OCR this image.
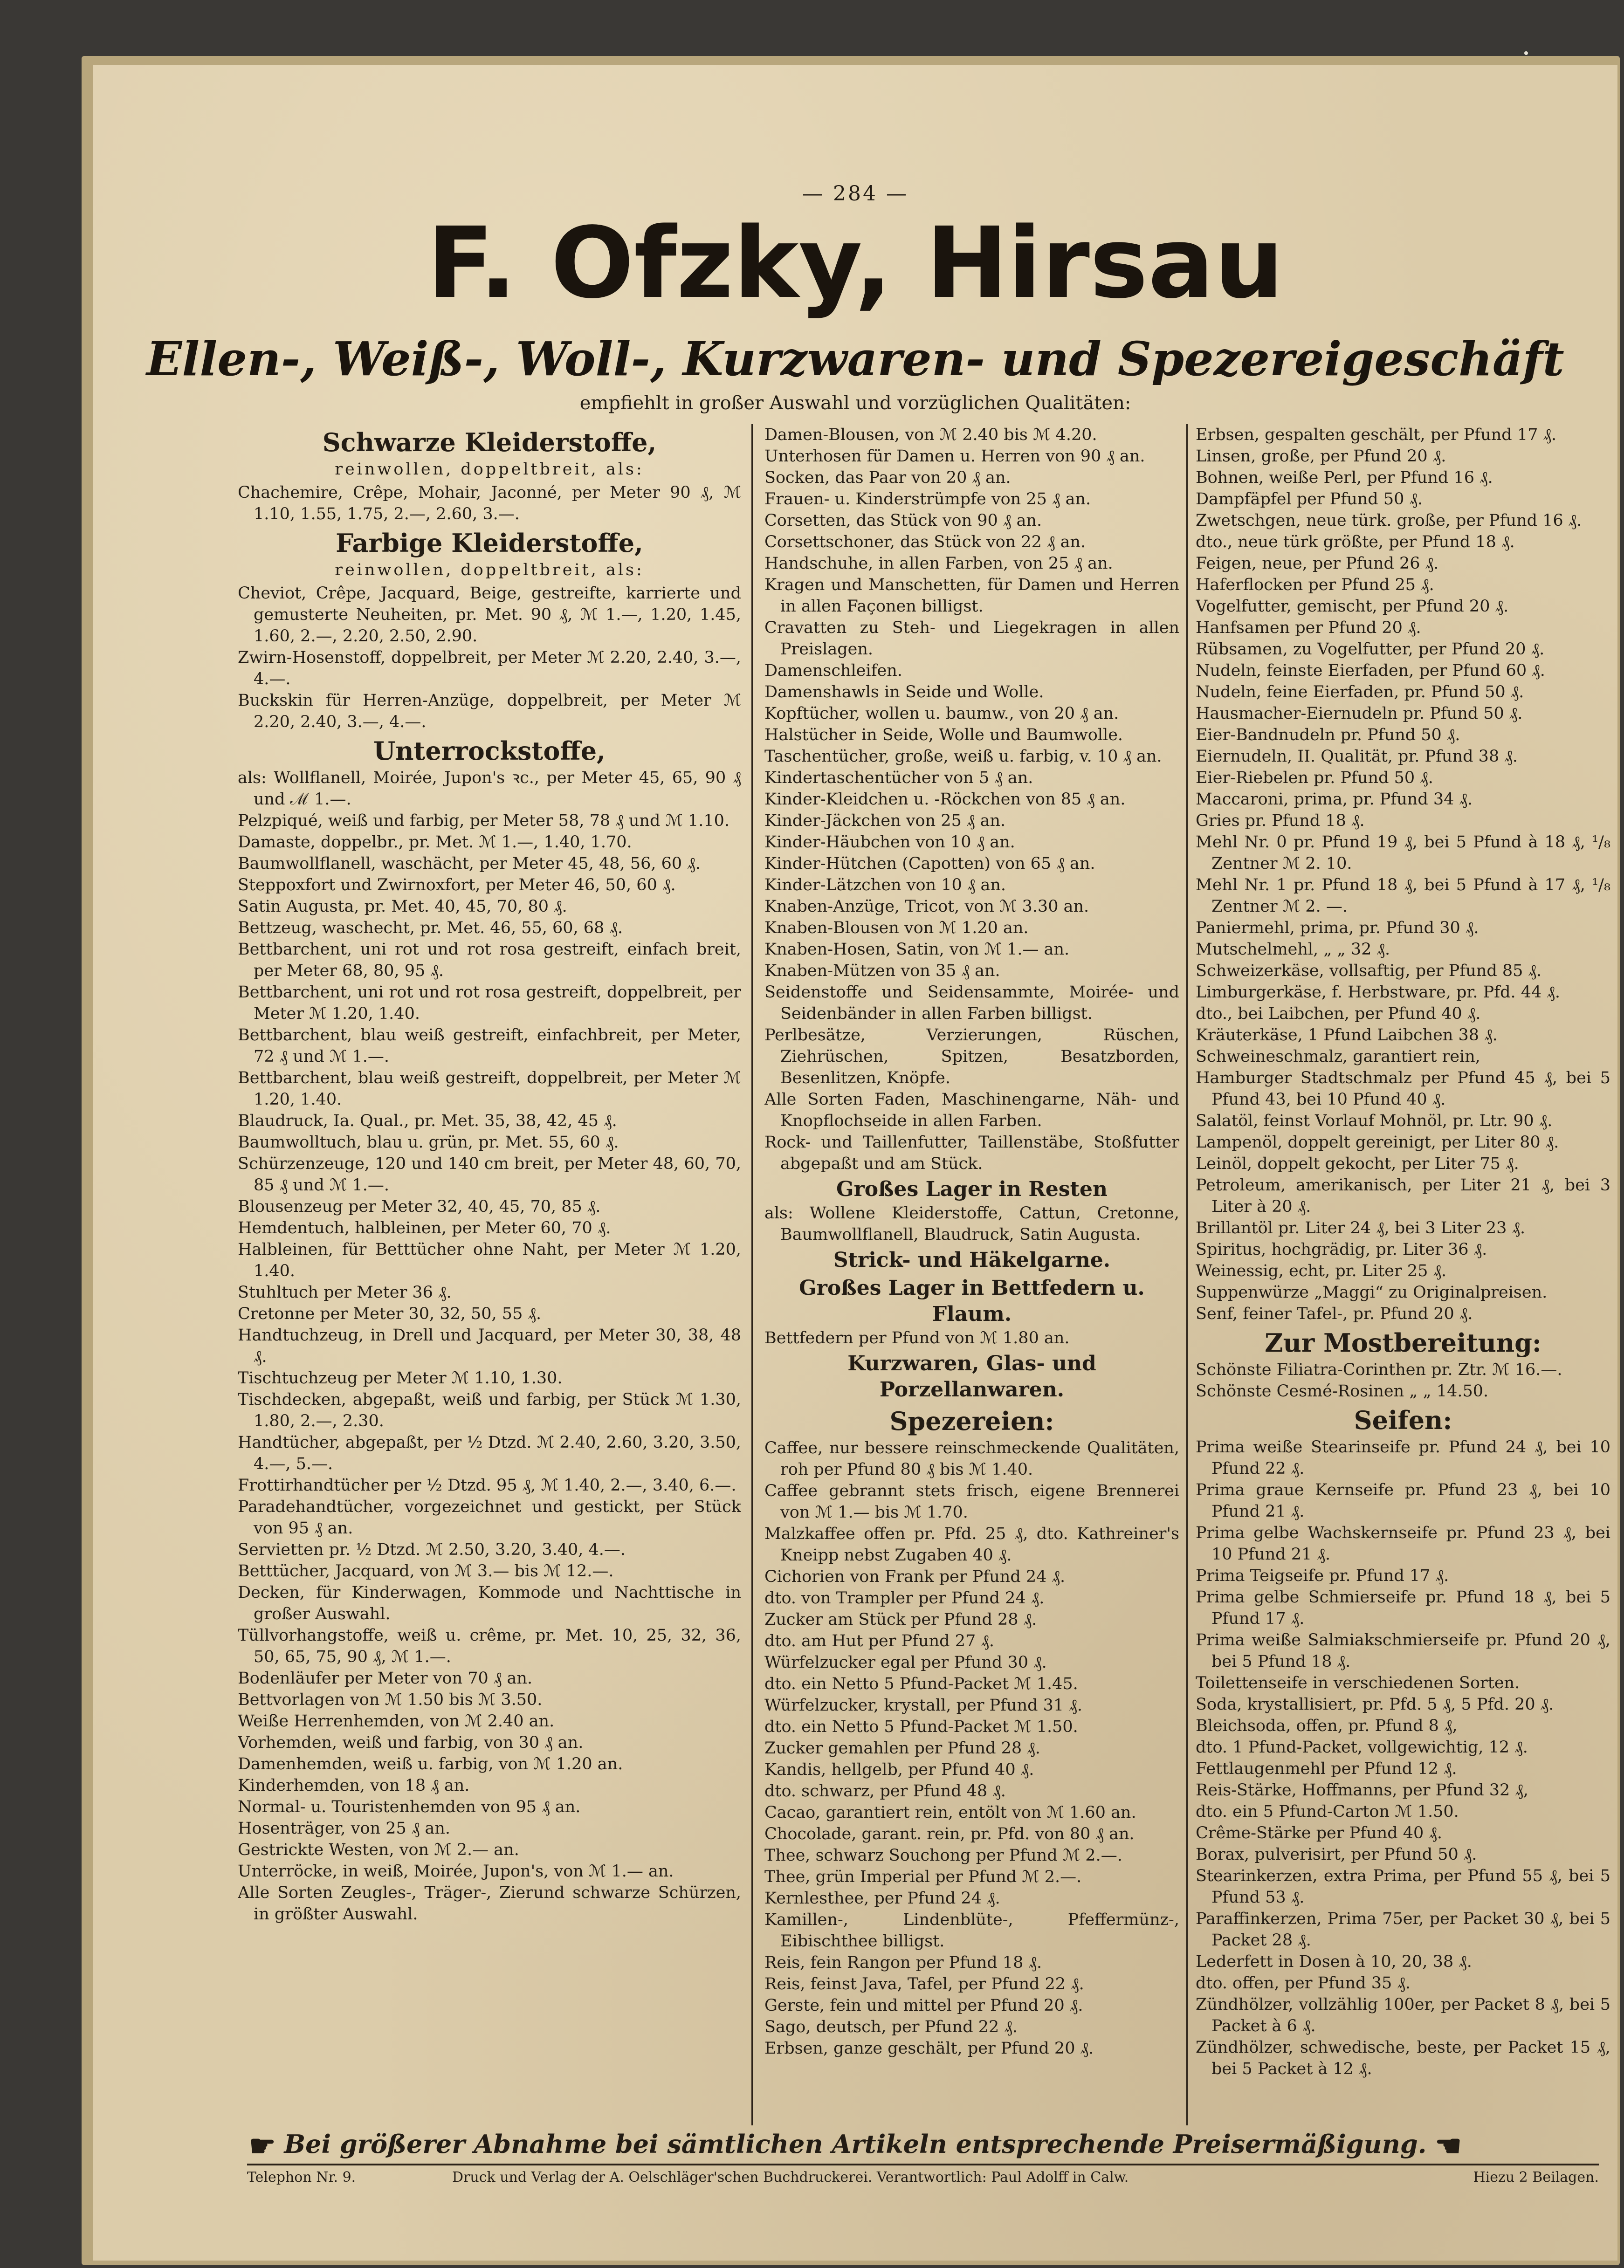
— 284 —
F. Ofzky, Hirsau
Ellen-, Weiß-, Woll-, Kurzwaren- und Spezereigeschäft
empfiehlt in großer Auswahl und vorzüglichen Qualitäten:

Schwarze Kleiderstoffe,

reinwollen, doppeltbreit, als:

Chachemire, Crêpe, Mohair, Jaconné, per Meter 90 ₰, ℳ 1.10, 1.55, 1.75, 2.—, 2.60, 3.—.

Farbige Kleiderstoffe,

reinwollen, doppeltbreit, als:

Cheviot, Crêpe, Jacquard, Beige, gestreifte, karrierte und gemusterte Neuheiten, pr. Met. 90 ₰, ℳ 1.—, 1.20, 1.45, 1.60, 2.—, 2.20, 2.50, 2.90.

Zwirn-Hosenstoff, doppelbreit, per Meter ℳ 2.20, 2.40, 3.—, 4.—.

Buckskin für Herren-Anzüge, doppelbreit, per Meter ℳ 2.20, 2.40, 3.—, 4.—.

Unterrockstoffe,

als: Wollflanell, Moirée, Jupon's ꝛc., per Meter 45, 65, 90 ₰ und ℳ 1.—.

Pelzpiqué, weiß und farbig, per Meter 58, 78 ₰ und ℳ 1.10.

Damaste, doppelbr., pr. Met. ℳ 1.—, 1.40, 1.70.

Baumwollflanell, waschächt, per Meter 45, 48, 56, 60 ₰.

Steppoxfort und Zwirnoxfort, per Meter 46, 50, 60 ₰.

Satin Augusta, pr. Met. 40, 45, 70, 80 ₰.

Bettzeug, waschecht, pr. Met. 46, 55, 60, 68 ₰.

Bettbarchent, uni rot und rot rosa gestreift, einfach breit, per Meter 68, 80, 95 ₰.

Bettbarchent, uni rot und rot rosa gestreift, doppelbreit, per Meter ℳ 1.20, 1.40.

Bettbarchent, blau weiß gestreift, einfachbreit, per Meter, 72 ₰ und ℳ 1.—.

Bettbarchent, blau weiß gestreift, doppelbreit, per Meter ℳ 1.20, 1.40.

Blaudruck, Ia. Qual., pr. Met. 35, 38, 42, 45 ₰.

Baumwolltuch, blau u. grün, pr. Met. 55, 60 ₰.

Schürzenzeuge, 120 und 140 cm breit, per Meter 48, 60, 70, 85 ₰ und ℳ 1.—.

Blousenzeug per Meter 32, 40, 45, 70, 85 ₰.

Hemdentuch, halbleinen, per Meter 60, 70 ₰.

Halbleinen, für Betttücher ohne Naht, per Meter ℳ 1.20, 1.40.

Stuhltuch per Meter 36 ₰.

Cretonne per Meter 30, 32, 50, 55 ₰.

Handtuchzeug, in Drell und Jacquard, per Meter 30, 38, 48 ₰.

Tischtuchzeug per Meter ℳ 1.10, 1.30.

Tischdecken, abgepaßt, weiß und farbig, per Stück ℳ 1.30, 1.80, 2.—, 2.30.

Handtücher, abgepaßt, per ½ Dtzd. ℳ 2.40, 2.60, 3.20, 3.50, 4.—, 5.—.

Frottirhandtücher per ½ Dtzd. 95 ₰, ℳ 1.40, 2.—, 3.40, 6.—.

Paradehandtücher, vorgezeichnet und gestickt, per Stück von 95 ₰ an.

Servietten pr. ½ Dtzd. ℳ 2.50, 3.20, 3.40, 4.—.

Betttücher, Jacquard, von ℳ 3.— bis ℳ 12.—.

Decken, für Kinderwagen, Kommode und Nachttische in großer Auswahl.

Tüllvorhangstoffe, weiß u. crême, pr. Met. 10, 25, 32, 36, 50, 65, 75, 90 ₰, ℳ 1.—.

Bodenläufer per Meter von 70 ₰ an.

Bettvorlagen von ℳ 1.50 bis ℳ 3.50.

Weiße Herrenhemden, von ℳ 2.40 an.

Vorhemden, weiß und farbig, von 30 ₰ an.

Damenhemden, weiß u. farbig, von ℳ 1.20 an.

Kinderhemden, von 18 ₰ an.

Normal- u. Touristenhemden von 95 ₰ an.

Hosenträger, von 25 ₰ an.

Gestrickte Westen, von ℳ 2.— an.

Unterröcke, in weiß, Moirée, Jupon's, von ℳ 1.— an.

Alle Sorten Zeugles-, Träger-, Zierund schwarze Schürzen, in größter Auswahl.

Damen-Blousen, von ℳ 2.40 bis ℳ 4.20.

Unterhosen für Damen u. Herren von 90 ₰ an.

Socken, das Paar von 20 ₰ an.

Frauen- u. Kinderstrümpfe von 25 ₰ an.

Corsetten, das Stück von 90 ₰ an.

Corsettschoner, das Stück von 22 ₰ an.

Handschuhe, in allen Farben, von 25 ₰ an.

Kragen und Manschetten, für Damen und Herren in allen Façonen billigst.

Cravatten zu Steh- und Liegekragen in allen Preislagen.

Damenschleifen.

Damenshawls in Seide und Wolle.

Kopftücher, wollen u. baumw., von 20 ₰ an.

Halstücher in Seide, Wolle und Baumwolle.

Taschentücher, große, weiß u. farbig, v. 10 ₰ an.

Kindertaschentücher von 5 ₰ an.

Kinder-Kleidchen u. -Röckchen von 85 ₰ an.

Kinder-Jäckchen von 25 ₰ an.

Kinder-Häubchen von 10 ₰ an.

Kinder-Hütchen (Capotten) von 65 ₰ an.

Kinder-Lätzchen von 10 ₰ an.

Knaben-Anzüge, Tricot, von ℳ 3.30 an.

Knaben-Blousen von ℳ 1.20 an.

Knaben-Hosen, Satin, von ℳ 1.— an.

Knaben-Mützen von 35 ₰ an.

Seidenstoffe und Seidensammte, Moirée- und Seidenbänder in allen Farben billigst.

Perlbesätze, Verzierungen, Rüschen, Ziehrüschen, Spitzen, Besatzborden, Besenlitzen, Knöpfe.

Alle Sorten Faden, Maschinengarne, Näh- und Knopflochseide in allen Farben.

Rock- und Taillenfutter, Taillenstäbe, Stoßfutter abgepaßt und am Stück.

Großes Lager in Resten

als: Wollene Kleiderstoffe, Cattun, Cretonne, Baumwollflanell, Blaudruck, Satin Augusta.

Strick- und Häkelgarne.

Großes Lager in Bettfedern u. Flaum.

Bettfedern per Pfund von ℳ 1.80 an.

Kurzwaren, Glas- und Porzellanwaren.

Spezereien:

Caffee, nur bessere reinschmeckende Qualitäten, roh per Pfund 80 ₰ bis ℳ 1.40.

Caffee gebrannt stets frisch, eigene Brennerei von ℳ 1.— bis ℳ 1.70.

Malzkaffee offen pr. Pfd. 25 ₰, dto. Kathreiner's Kneipp nebst Zugaben 40 ₰.

Cichorien von Frank per Pfund 24 ₰.

dto. von Trampler per Pfund 24 ₰.

Zucker am Stück per Pfund 28 ₰.

dto. am Hut per Pfund 27 ₰.

Würfelzucker egal per Pfund 30 ₰.

dto. ein Netto 5 Pfund-Packet ℳ 1.45.

Würfelzucker, krystall, per Pfund 31 ₰.

dto. ein Netto 5 Pfund-Packet ℳ 1.50.

Zucker gemahlen per Pfund 28 ₰.

Kandis, hellgelb, per Pfund 40 ₰.

dto. schwarz, per Pfund 48 ₰.

Cacao, garantiert rein, entölt von ℳ 1.60 an.

Chocolade, garant. rein, pr. Pfd. von 80 ₰ an.

Thee, schwarz Souchong per Pfund ℳ 2.—.

Thee, grün Imperial per Pfund ℳ 2.—.

Kernlesthee, per Pfund 24 ₰.

Kamillen-, Lindenblüte-, Pfeffermünz-, Eibischthee billigst.

Reis, fein Rangon per Pfund 18 ₰.

Reis, feinst Java, Tafel, per Pfund 22 ₰.

Gerste, fein und mittel per Pfund 20 ₰.

Sago, deutsch, per Pfund 22 ₰.

Erbsen, ganze geschält, per Pfund 20 ₰.

Erbsen, gespalten geschält, per Pfund 17 ₰.

Linsen, große, per Pfund 20 ₰.

Bohnen, weiße Perl, per Pfund 16 ₰.

Dampfäpfel per Pfund 50 ₰.

Zwetschgen, neue türk. große, per Pfund 16 ₰.

dto., neue türk größte, per Pfund 18 ₰.

Feigen, neue, per Pfund 26 ₰.

Haferflocken per Pfund 25 ₰.

Vogelfutter, gemischt, per Pfund 20 ₰.

Hanfsamen per Pfund 20 ₰.

Rübsamen, zu Vogelfutter, per Pfund 20 ₰.

Nudeln, feinste Eierfaden, per Pfund 60 ₰.

Nudeln, feine Eierfaden, pr. Pfund 50 ₰.

Hausmacher-Eiernudeln pr. Pfund 50 ₰.

Eier-Bandnudeln pr. Pfund 50 ₰.

Eiernudeln, II. Qualität, pr. Pfund 38 ₰.

Eier-Riebelen pr. Pfund 50 ₰.

Maccaroni, prima, pr. Pfund 34 ₰.

Gries pr. Pfund 18 ₰.

Mehl Nr. 0 pr. Pfund 19 ₰, bei 5 Pfund à 18 ₰, ¹/₈ Zentner ℳ 2. 10.

Mehl Nr. 1 pr. Pfund 18 ₰, bei 5 Pfund à 17 ₰, ¹/₈ Zentner ℳ 2. —.

Paniermehl, prima, pr. Pfund 30 ₰.

Mutschelmehl, „ „ 32 ₰.

Schweizerkäse, vollsaftig, per Pfund 85 ₰.

Limburgerkäse, f. Herbstware, pr. Pfd. 44 ₰.

dto., bei Laibchen, per Pfund 40 ₰.

Kräuterkäse, 1 Pfund Laibchen 38 ₰.

Schweineschmalz, garantiert rein,

Hamburger Stadtschmalz per Pfund 45 ₰, bei 5 Pfund 43, bei 10 Pfund 40 ₰.

Salatöl, feinst Vorlauf Mohnöl, pr. Ltr. 90 ₰.

Lampenöl, doppelt gereinigt, per Liter 80 ₰.

Leinöl, doppelt gekocht, per Liter 75 ₰.

Petroleum, amerikanisch, per Liter 21 ₰, bei 3 Liter à 20 ₰.

Brillantöl pr. Liter 24 ₰, bei 3 Liter 23 ₰.

Spiritus, hochgrädig, pr. Liter 36 ₰.

Weinessig, echt, pr. Liter 25 ₰.

Suppenwürze „Maggi“ zu Originalpreisen.

Senf, feiner Tafel-, pr. Pfund 20 ₰.

Zur Mostbereitung:

Schönste Filiatra-Corinthen pr. Ztr. ℳ 16.—.

Schönste Cesmé-Rosinen „ „ 14.50.

Seifen:

Prima weiße Stearinseife pr. Pfund 24 ₰, bei 10 Pfund 22 ₰.

Prima graue Kernseife pr. Pfund 23 ₰, bei 10 Pfund 21 ₰.

Prima gelbe Wachskernseife pr. Pfund 23 ₰, bei 10 Pfund 21 ₰.

Prima Teigseife pr. Pfund 17 ₰.

Prima gelbe Schmierseife pr. Pfund 18 ₰, bei 5 Pfund 17 ₰.

Prima weiße Salmiakschmierseife pr. Pfund 20 ₰, bei 5 Pfund 18 ₰.

Toilettenseife in verschiedenen Sorten.

Soda, krystallisiert, pr. Pfd. 5 ₰, 5 Pfd. 20 ₰.

Bleichsoda, offen, pr. Pfund 8 ₰,

dto. 1 Pfund-Packet, vollgewichtig, 12 ₰.

Fettlaugenmehl per Pfund 12 ₰.

Reis-Stärke, Hoffmanns, per Pfund 32 ₰,

dto. ein 5 Pfund-Carton ℳ 1.50.

Crême-Stärke per Pfund 40 ₰.

Borax, pulverisirt, per Pfund 50 ₰.

Stearinkerzen, extra Prima, per Pfund 55 ₰, bei 5 Pfund 53 ₰.

Paraffinkerzen, Prima 75er, per Packet 30 ₰, bei 5 Packet 28 ₰.

Lederfett in Dosen à 10, 20, 38 ₰.

dto. offen, per Pfund 35 ₰.

Zündhölzer, vollzählig 100er, per Packet 8 ₰, bei 5 Packet à 6 ₰.

Zündhölzer, schwedische, beste, per Packet 15 ₰, bei 5 Packet à 12 ₰.

☛ Bei größerer Abnahme bei sämtlichen Artikeln entsprechende Preisermäßigung. ☚
Telephon Nr. 9.	Druck und Verlag der A. Oelschläger'schen Buchdruckerei. Verantwortlich: Paul Adolff in Calw.	Hiezu 2 Beilagen.
